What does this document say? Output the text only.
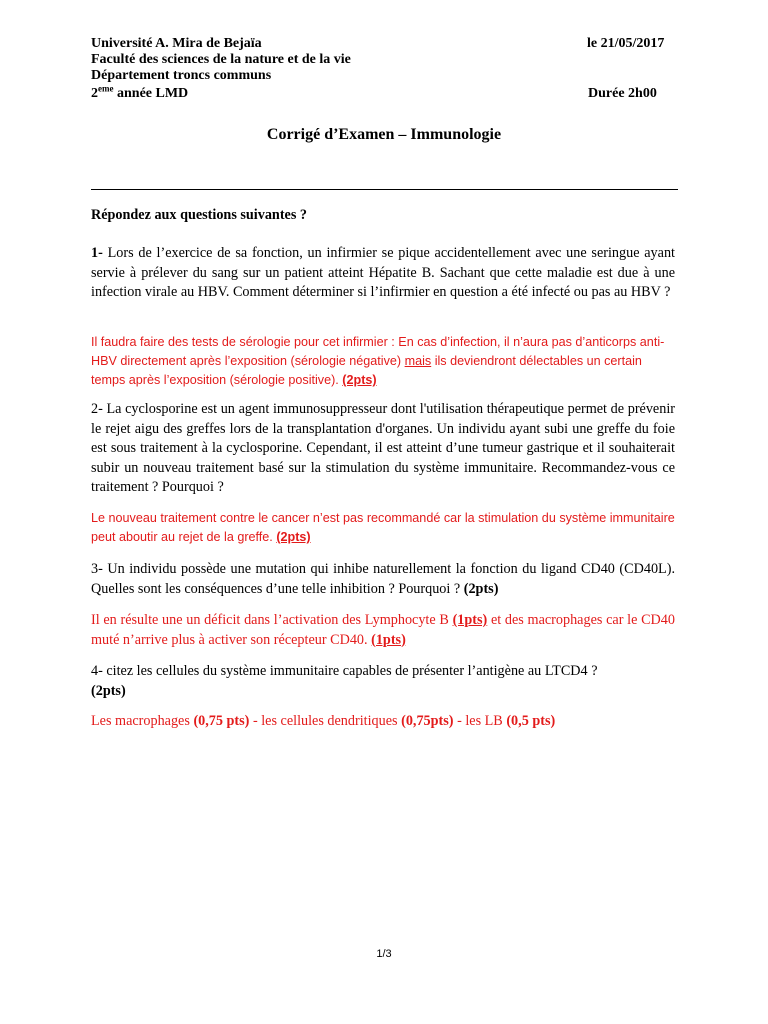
Université A. Mira de Bejaïa	le 21/05/2017
Faculté des sciences de la nature et de la vie
Département troncs communs
2eme année LMD	Durée 2h00
Corrigé d’Examen – Immunologie
Répondez aux questions suivantes ?
1- Lors de l’exercice de sa fonction, un infirmier se pique accidentellement avec une seringue ayant servie à prélever du sang sur un patient atteint Hépatite B. Sachant que cette maladie est due à une infection virale au HBV. Comment déterminer si l’infirmier en question a été infecté ou pas au HBV ?
Il faudra faire des tests de sérologie pour cet infirmier : En cas d’infection, il n’aura pas d’anticorps anti-HBV directement après l’exposition (sérologie négative) mais ils deviendront délectables un certain temps après l’exposition (sérologie positive). (2pts)
2- La cyclosporine est un agent immunosuppresseur dont l'utilisation thérapeutique permet de prévenir le rejet aigu des greffes lors de la transplantation d'organes. Un individu ayant subi une greffe du foie est sous traitement à la cyclosporine. Cependant, il est atteint d’une tumeur gastrique et il souhaiterait subir un nouveau traitement basé sur la stimulation du système immunitaire. Recommandez-vous ce traitement ? Pourquoi ?
Le nouveau traitement contre le cancer n’est pas recommandé car la stimulation du système immunitaire peut aboutir au rejet de la greffe. (2pts)
3- Un individu possède une mutation qui inhibe naturellement la fonction du ligand CD40 (CD40L). Quelles sont les conséquences d’une telle inhibition ? Pourquoi ? (2pts)
Il en résulte une un déficit dans l’activation des Lymphocyte B (1pts) et des macrophages car le CD40 muté n’arrive plus à activer son récepteur CD40. (1pts)
4- citez les cellules du système immunitaire capables de présenter l’antigène au LTCD4 ?
(2pts)
Les macrophages (0,75 pts) - les cellules dendritiques (0,75pts) - les LB (0,5 pts)
1/3
